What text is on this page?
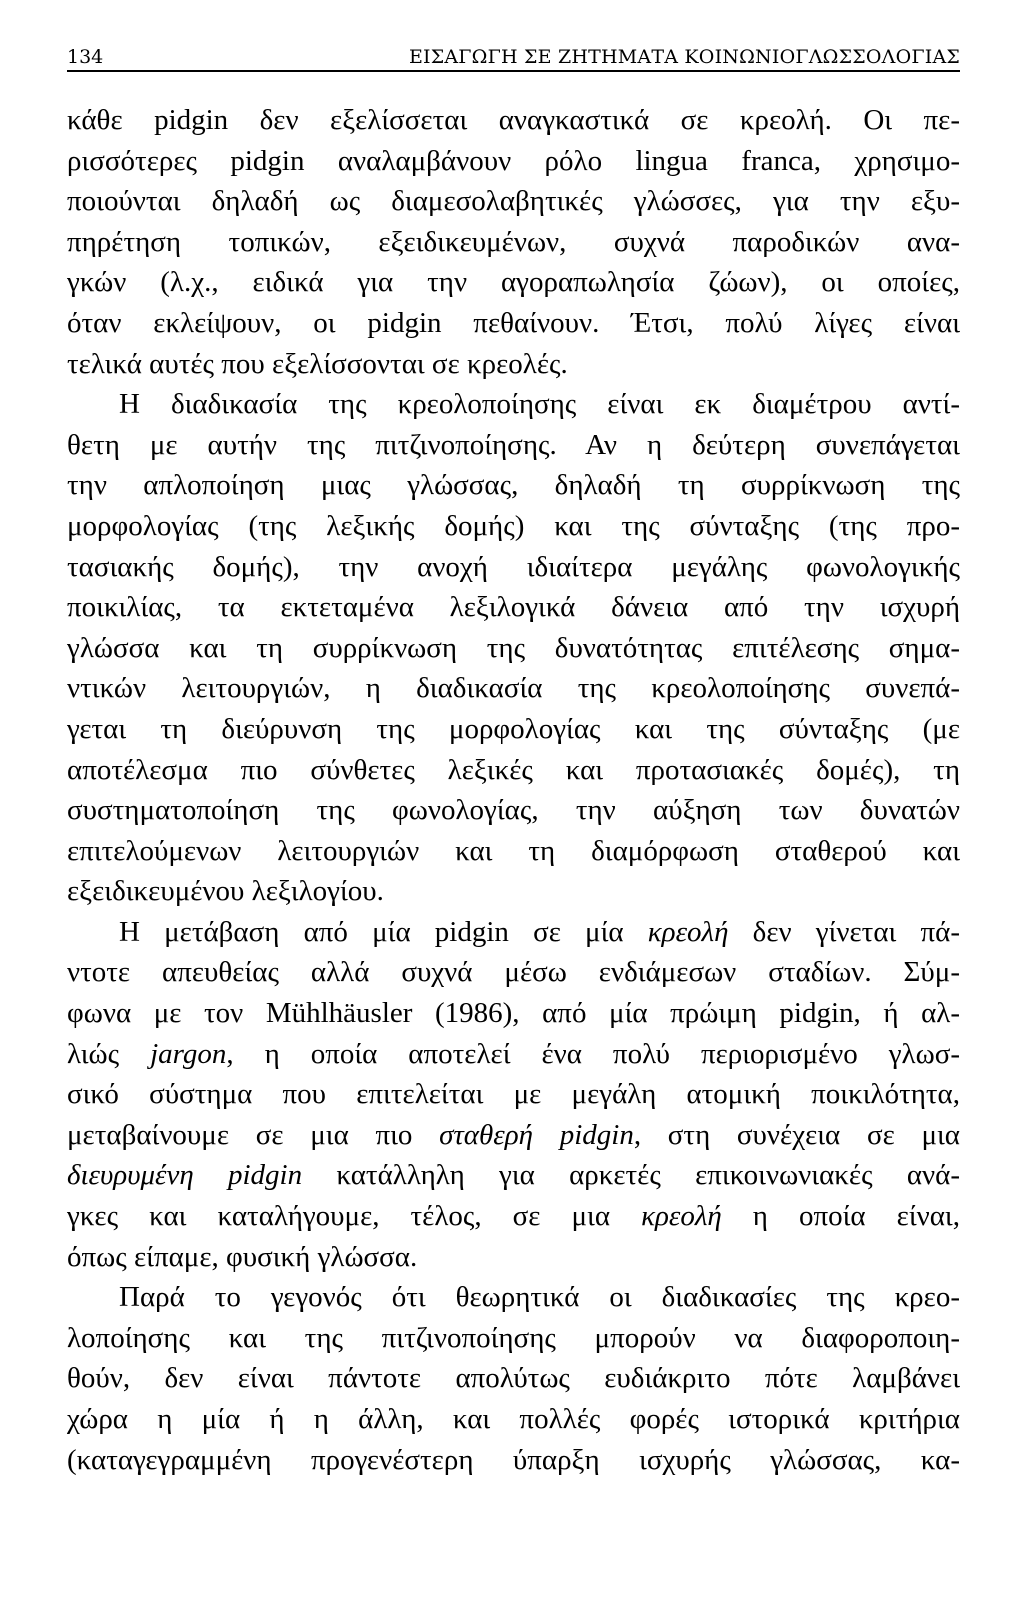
134	ΕΙΣΑΓΩΓΗ ΣΕ ΖΗΤΗΜΑΤΑ ΚΟΙΝΩΝΙΟΓΛΩΣΣΟΛΟΓΙΑΣ
κάθε pidgin δεν εξελίσσεται αναγκαστικά σε κρεολή. Οι πε-
ρισσότερες pidgin αναλαμβάνουν ρόλο lingua franca, χρησιμο-
ποιούνται δηλαδή ως διαμεσολαβητικές γλώσσες, για την εξυ-
πηρέτηση τοπικών, εξειδικευμένων, συχνά παροδικών ανα-
γκών (λ.χ., ειδικά για την αγοραπωλησία ζώων), οι οποίες,
όταν εκλείψουν, οι pidgin πεθαίνουν. Έτσι, πολύ λίγες είναι
τελικά αυτές που εξελίσσονται σε κρεολές.
Η διαδικασία της κρεολοποίησης είναι εκ διαμέτρου αντί-
θετη με αυτήν της πιτζινοποίησης. Αν η δεύτερη συνεπάγεται
την απλοποίηση μιας γλώσσας, δηλαδή τη συρρίκνωση της
μορφολογίας (της λεξικής δομής) και της σύνταξης (της προ-
τασιακής δομής), την ανοχή ιδιαίτερα μεγάλης φωνολογικής
ποικιλίας, τα εκτεταμένα λεξιλογικά δάνεια από την ισχυρή
γλώσσα και τη συρρίκνωση της δυνατότητας επιτέλεσης σημα-
ντικών λειτουργιών, η διαδικασία της κρεολοποίησης συνεπά-
γεται τη διεύρυνση της μορφολογίας και της σύνταξης (με
αποτέλεσμα πιο σύνθετες λεξικές και προτασιακές δομές), τη
συστηματοποίηση της φωνολογίας, την αύξηση των δυνατών
επιτελούμενων λειτουργιών και τη διαμόρφωση σταθερού και
εξειδικευμένου λεξιλογίου.
Η μετάβαση από μία pidgin σε μία κρεολή δεν γίνεται πά-
ντοτε απευθείας αλλά συχνά μέσω ενδιάμεσων σταδίων. Σύμ-
φωνα με τον Mühlhäusler (1986), από μία πρώιμη pidgin, ή αλ-
λιώς jargon, η οποία αποτελεί ένα πολύ περιορισμένο γλωσ-
σικό σύστημα που επιτελείται με μεγάλη ατομική ποικιλότητα,
μεταβαίνουμε σε μια πιο σταθερή pidgin, στη συνέχεια σε μια
διευρυμένη pidgin κατάλληλη για αρκετές επικοινωνιακές ανά-
γκες και καταλήγουμε, τέλος, σε μια κρεολή η οποία είναι,
όπως είπαμε, φυσική γλώσσα.
Παρά το γεγονός ότι θεωρητικά οι διαδικασίες της κρεο-
λοποίησης και της πιτζινοποίησης μπορούν να διαφοροποιη-
θούν, δεν είναι πάντοτε απολύτως ευδιάκριτο πότε λαμβάνει
χώρα η μία ή η άλλη, και πολλές φορές ιστορικά κριτήρια
(καταγεγραμμένη προγενέστερη ύπαρξη ισχυρής γλώσσας, κα-
